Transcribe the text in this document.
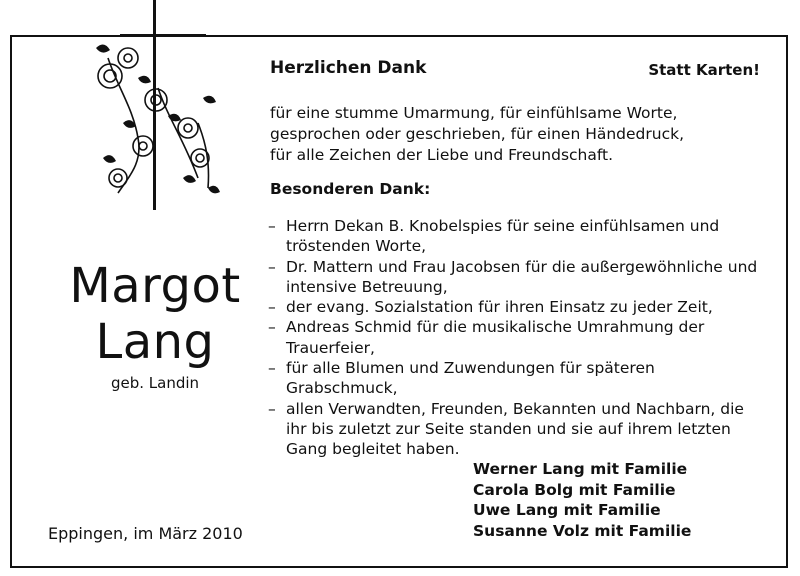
Margot
Lang
geb. Landin
Eppingen, im März 2010
Herzlichen Dank	Statt Karten!
für eine stumme Umarmung, für einfühlsame Worte,
gesprochen oder geschrieben, für einen Händedruck,
für alle Zeichen der Liebe und Freundschaft.
Besonderen Dank:
– Herrn Dekan B. Knobelspies für seine einfühlsamen und tröstenden Worte,
– Dr. Mattern und Frau Jacobsen für die außergewöhnliche und intensive Betreuung,
– der evang. Sozialstation für ihren Einsatz zu jeder Zeit,
– Andreas Schmid für die musikalische Umrahmung der Trauerfeier,
– für alle Blumen und Zuwendungen für späteren Grabschmuck,
– allen Verwandten, Freunden, Bekannten und Nachbarn, die ihr bis zuletzt zur Seite standen und sie auf ihrem letzten Gang begleitet haben.
Werner Lang mit Familie
Carola Bolg mit Familie
Uwe Lang mit Familie
Susanne Volz mit Familie
